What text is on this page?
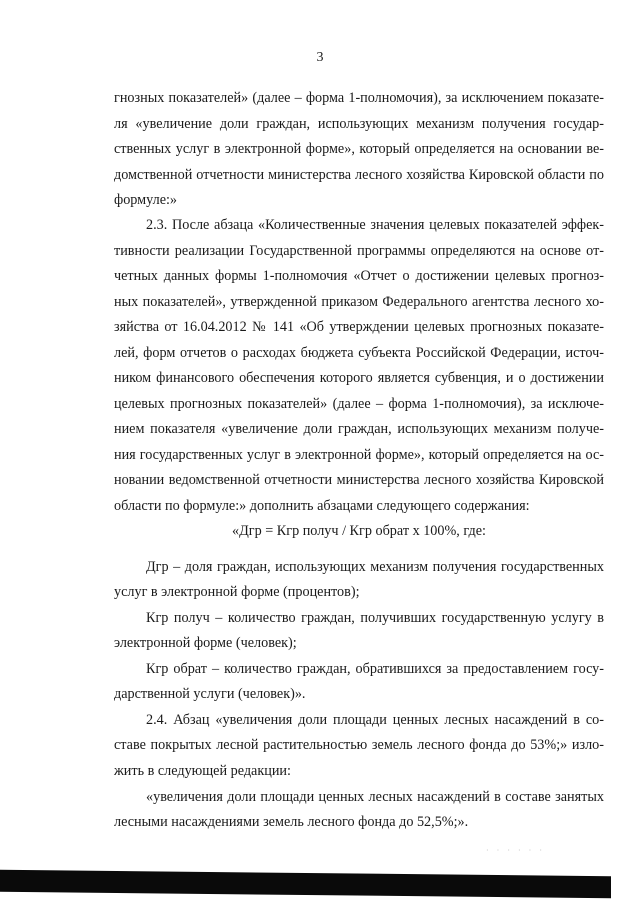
3
гнозных показателей» (далее – форма 1-полномочия), за исключением показате-
ля «увеличение доли граждан, использующих механизм получения государ-
ственных услуг в электронной форме», который определяется на основании ве-
домственной отчетности министерства лесного хозяйства Кировской области по
формуле:»
2.3. После абзаца «Количественные значения целевых показателей эффек-
тивности реализации Государственной программы определяются на основе от-
четных данных формы 1-полномочия «Отчет о достижении целевых прогноз-
ных показателей», утвержденной приказом Федерального агентства лесного хо-
зяйства от 16.04.2012 № 141 «Об утверждении целевых прогнозных показате-
лей, форм отчетов о расходах бюджета субъекта Российской Федерации, источ-
ником финансового обеспечения которого является субвенция, и о достижении
целевых прогнозных показателей» (далее – форма 1-полномочия), за исключе-
нием показателя «увеличение доли граждан, использующих механизм получе-
ния государственных услуг в электронной форме», который определяется на ос-
новании ведомственной отчетности министерства лесного хозяйства Кировской
области по формуле:» дополнить абзацами следующего содержания:
«Дгр = Кгр получ / Кгр обрат х 100%, где:
Дгр – доля граждан, использующих механизм получения государственных
услуг в электронной форме (процентов);
Кгр получ – количество граждан, получивших государственную услугу в
электронной форме (человек);
Кгр обрат – количество граждан, обратившихся за предоставлением госу-
дарственной услуги (человек)».
2.4. Абзац «увеличения доли площади ценных лесных насаждений в со-
ставе покрытых лесной растительностью земель лесного фонда до 53%;» изло-
жить в следующей редакции:
«увеличения доли площади ценных лесных насаждений в составе занятых
лесными насаждениями земель лесного фонда до 52,5%;».
· · · · · ·
